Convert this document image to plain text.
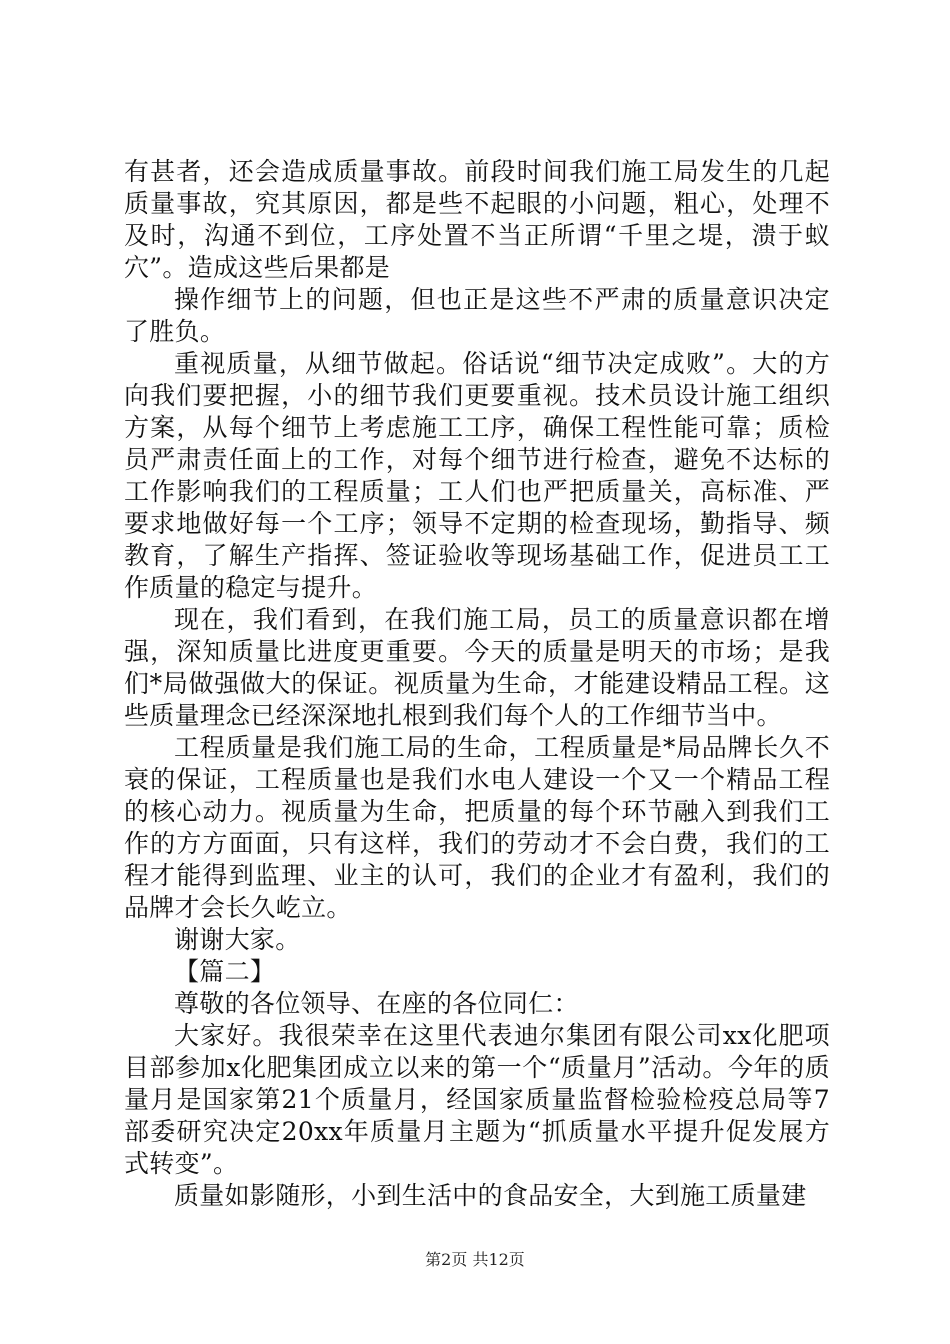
有甚者，还会造成质量事故。前段时间我们施工局发生的几起质量事故，究其原因，都是些不起眼的小问题，粗心，处理不及时，沟通不到位，工序处置不当正所谓“千里之堤，溃于蚁穴”。造成这些后果都是

操作细节上的问题，但也正是这些不严肃的质量意识决定了胜负。

重视质量，从细节做起。俗话说“细节决定成败”。大的方向我们要把握，小的细节我们更要重视。技术员设计施工组织方案，从每个细节上考虑施工工序，确保工程性能可靠；质检员严肃责任面上的工作，对每个细节进行检查，避免不达标的工作影响我们的工程质量；工人们也严把质量关，高标准、严要求地做好每一个工序；领导不定期的检查现场，勤指导、频教育，了解生产指挥、签证验收等现场基础工作，促进员工工作质量的稳定与提升。

现在，我们看到，在我们施工局，员工的质量意识都在增强，深知质量比进度更重要。今天的质量是明天的市场；是我们*局做强做大的保证。视质量为生命，才能建设精品工程。这些质量理念已经深深地扎根到我们每个人的工作细节当中。

工程质量是我们施工局的生命，工程质量是*局品牌长久不衰的保证，工程质量也是我们水电人建设一个又一个精品工程的核心动力。视质量为生命，把质量的每个环节融入到我们工作的方方面面，只有这样，我们的劳动才不会白费，我们的工程才能得到监理、业主的认可，我们的企业才有盈利，我们的品牌才会长久屹立。

谢谢大家。

【篇二】

尊敬的各位领导、在座的各位同仁：

大家好。我很荣幸在这里代表迪尔集团有限公司xx化肥项目部参加x化肥集团成立以来的第一个“质量月”活动。今年的质量月是国家第21个质量月，经国家质量监督检验检疫总局等7部委研究决定20xx年质量月主题为“抓质量水平提升促发展方式转变”。

质量如影随形，小到生活中的食品安全，大到施工质量建

第2页 共12页
